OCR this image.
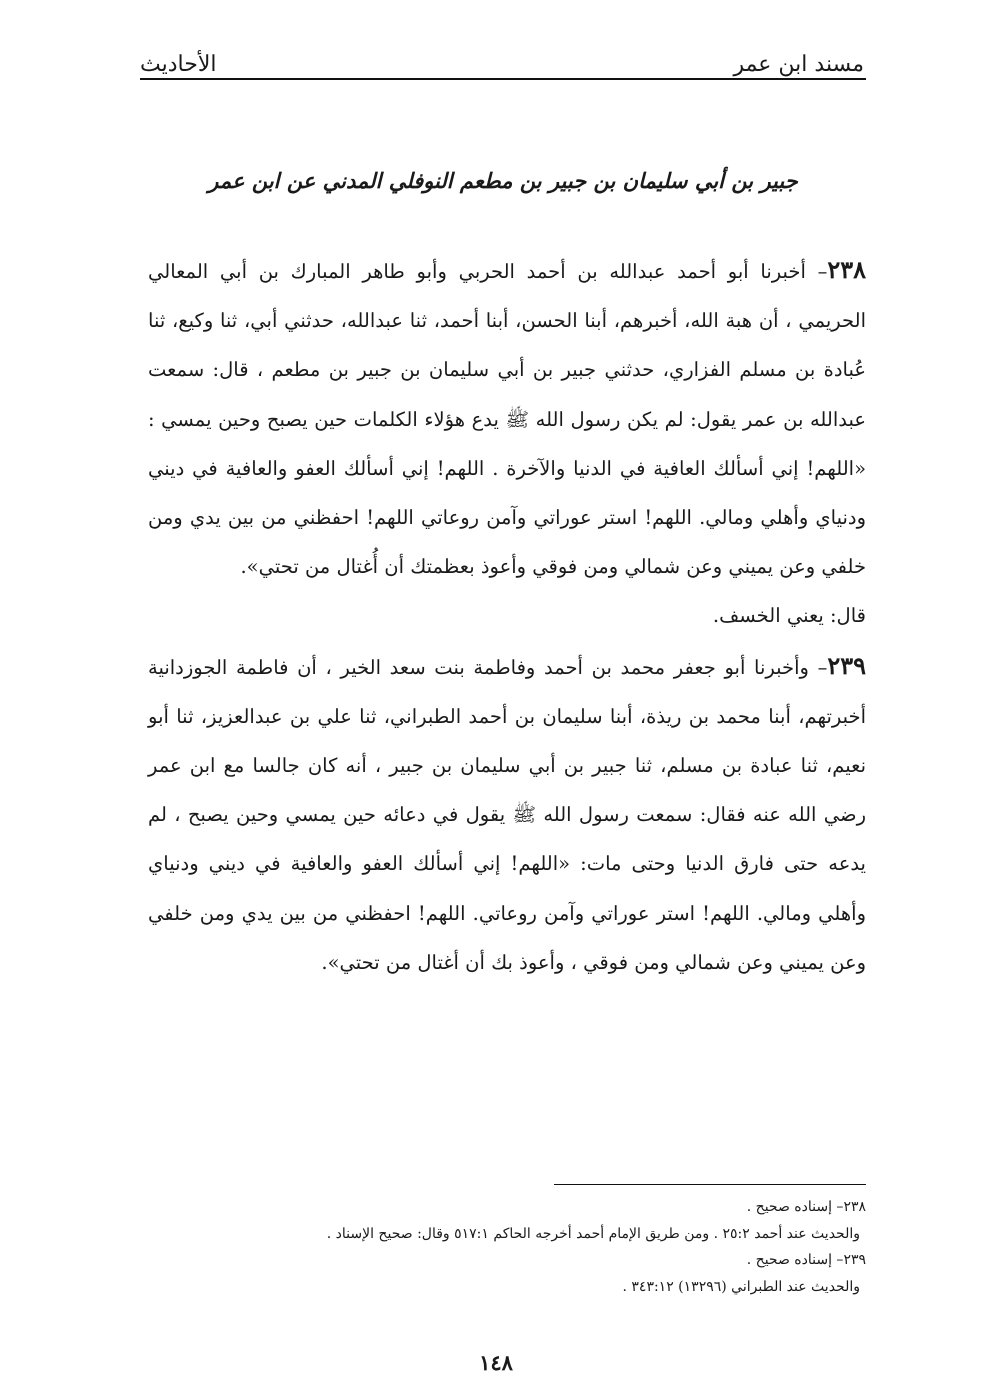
مسند ابن عمر
الأحاديث
جبير بن أبي سليمان بن جبير بن مطعم النوفلي المدني عن ابن عمر

٢٣٨– أخبرنا أبو أحمد عبدالله بن أحمد الحربي وأبو طاهر المبارك بن أبي المعالي الحريمي ، أن هبة الله، أخبرهم، أبنا الحسن، أبنا أحمد، ثنا عبدالله، حدثني أبي، ثنا وكيع، ثنا عُبادة بن مسلم الفزاري، حدثني جبير بن أبي سليمان بن جبير بن مطعم ، قال: سمعت عبدالله بن عمر يقول: لم يكن رسول الله ﷺ يدع هؤلاء الكلمات حين يصبح وحين يمسي : «اللهم! إني أسألك العافية في الدنيا والآخرة . اللهم! إني أسألك العفو والعافية في ديني ودنياي وأهلي ومالي. اللهم! استر عوراتي وآمن روعاتي اللهم! احفظني من بين يدي ومن خلفي وعن يميني وعن شمالي ومن فوقي وأعوذ بعظمتك أن أُغتال من تحتي».

قال: يعني الخسف.

٢٣٩– وأخبرنا أبو جعفر محمد بن أحمد وفاطمة بنت سعد الخير ، أن فاطمة الجوزدانية أخبرتهم، أبنا محمد بن ريذة، أبنا سليمان بن أحمد الطبراني، ثنا علي بن عبدالعزيز، ثنا أبو نعيم، ثنا عبادة بن مسلم، ثنا جبير بن أبي سليمان بن جبير ، أنه كان جالسا مع ابن عمر رضي الله عنه فقال: سمعت رسول الله ﷺ يقول في دعائه حين يمسي وحين يصبح ، لم يدعه حتى فارق الدنيا وحتى مات: «اللهم! إني أسألك العفو والعافية في ديني ودنياي وأهلي ومالي. اللهم! استر عوراتي وآمن روعاتي. اللهم! احفظني من بين يدي ومن خلفي وعن يميني وعن شمالي ومن فوقي ، وأعوذ بك أن أغتال من تحتي».

٢٣٨– إسناده صحيح .

والحديث عند أحمد ٢٥:٢ . ومن طريق الإمام أحمد أخرجه الحاكم ٥١٧:١ وقال: صحيح الإسناد .

٢٣٩– إسناده صحيح .

والحديث عند الطبراني (١٣٢٩٦) ٣٤٣:١٢ .

١٤٨
